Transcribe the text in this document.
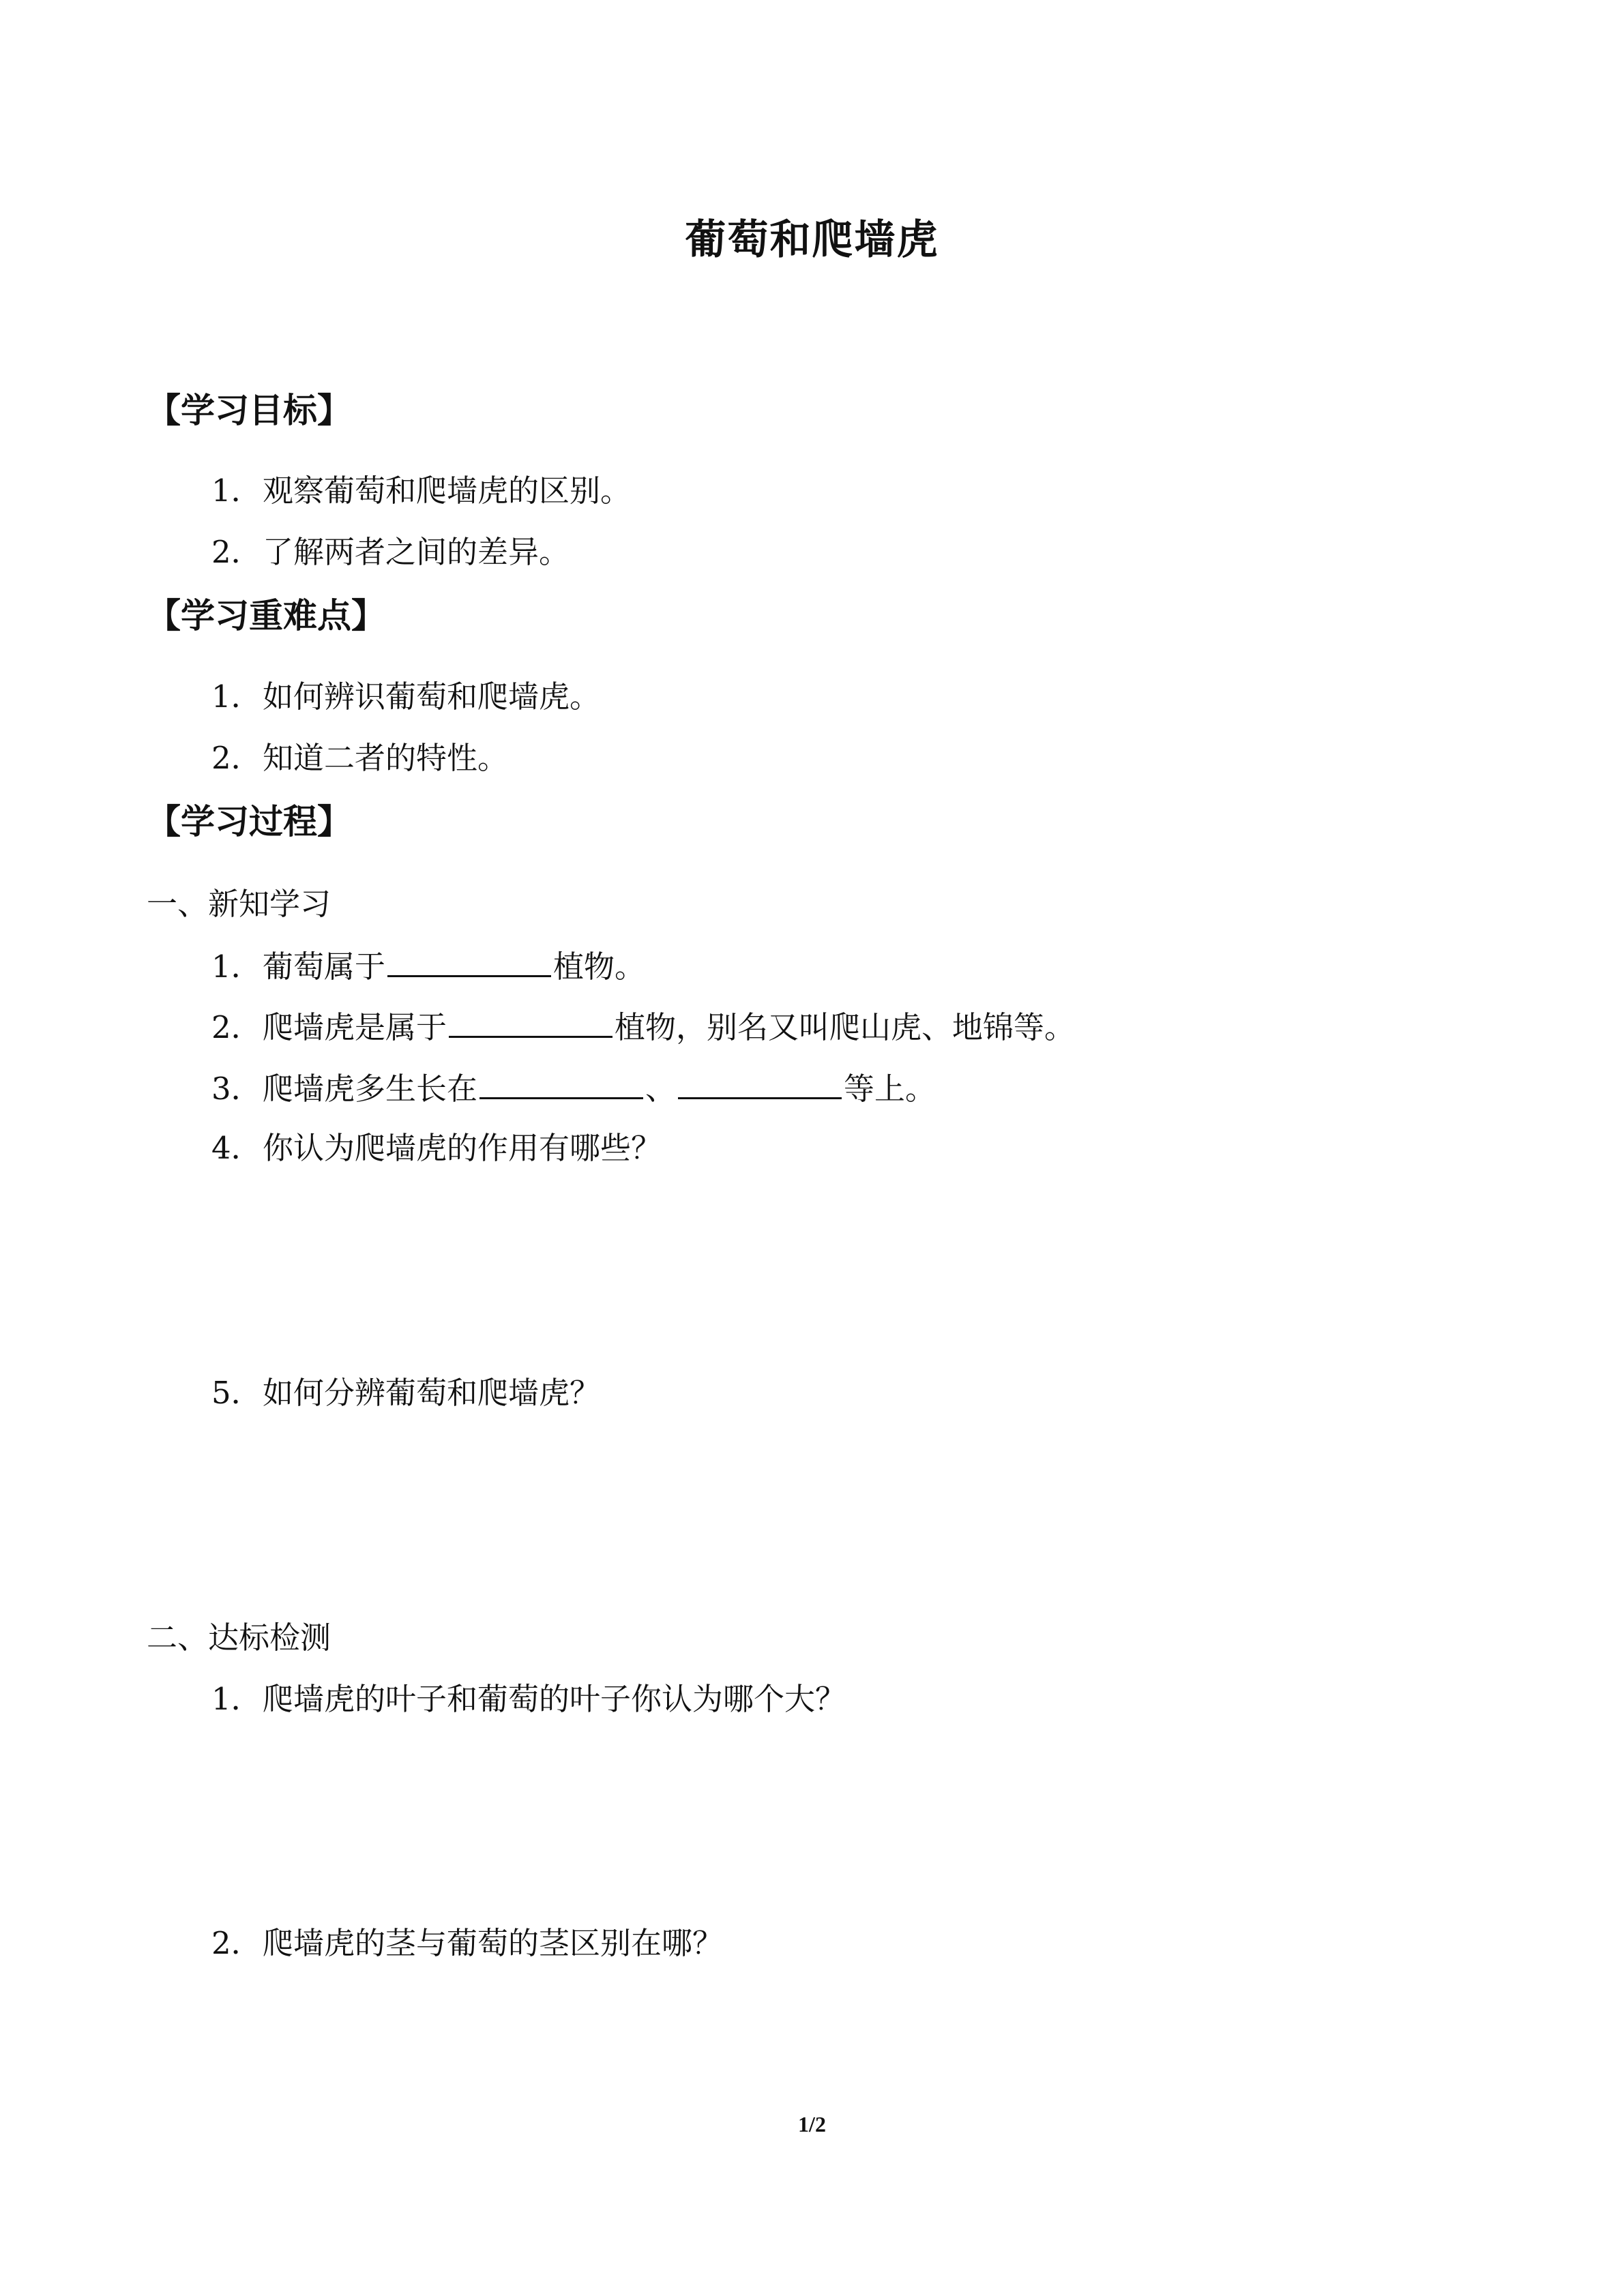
葡萄和爬墙虎
【学习目标】
1．观察葡萄和爬墙虎的区别。
2．了解两者之间的差异。
【学习重难点】
1．如何辨识葡萄和爬墙虎。
2．知道二者的特性。
【学习过程】
一、新知学习
1．葡萄属于	植物。
2．爬墙虎是属于	植物，别名又叫爬山虎、地锦等。
3．爬墙虎多生长在	、	等上。
4．你认为爬墙虎的作用有哪些？
5．如何分辨葡萄和爬墙虎？
二、达标检测
1．爬墙虎的叶子和葡萄的叶子你认为哪个大？
2．爬墙虎的茎与葡萄的茎区别在哪？
1/2
